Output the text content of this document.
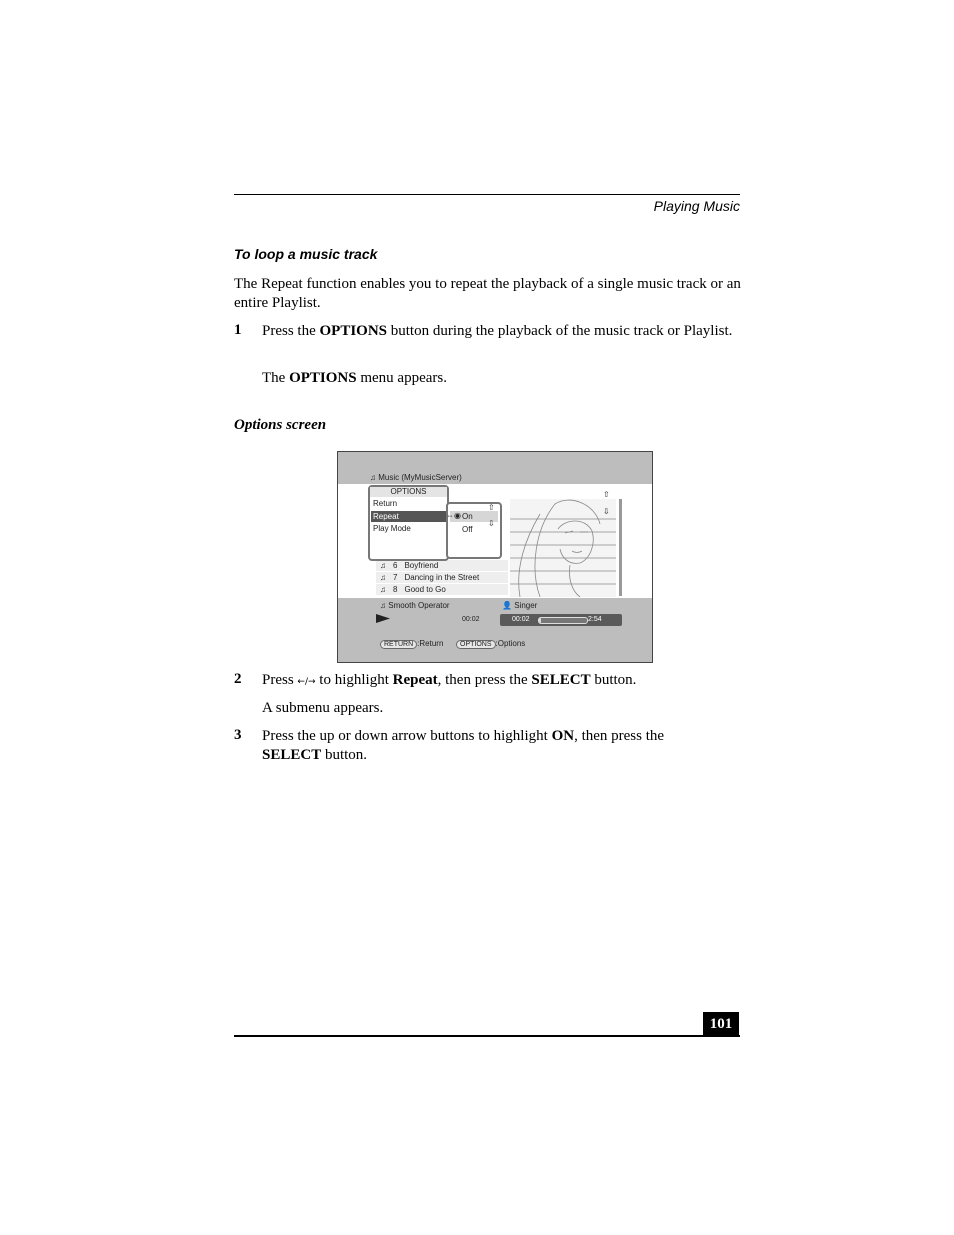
Playing Music
To loop a music track
The Repeat function enables you to repeat the playback of a single music track or an entire Playlist.
1 Press the OPTIONS button during the playback of the music track or Playlist.
The OPTIONS menu appears.
Options screen
♫ Music (MyMusicServer)
⇧
⇩
♫ 6 Boyfriend
♫ 7 Dancing in the Street
♫ 8 Good to Go
OPTIONS
Return
Repeat
Play Mode
⇔ ◉ On
Off
⇧
⇩
♫ Smooth Operator	👤 Singer
00:02	00:02	2:54
RETURN :Return	OPTIONS :Options
2 Press ←/→ to highlight Repeat, then press the SELECT button.
A submenu appears.
3 Press the up or down arrow buttons to highlight ON, then press the SELECT button.
101
